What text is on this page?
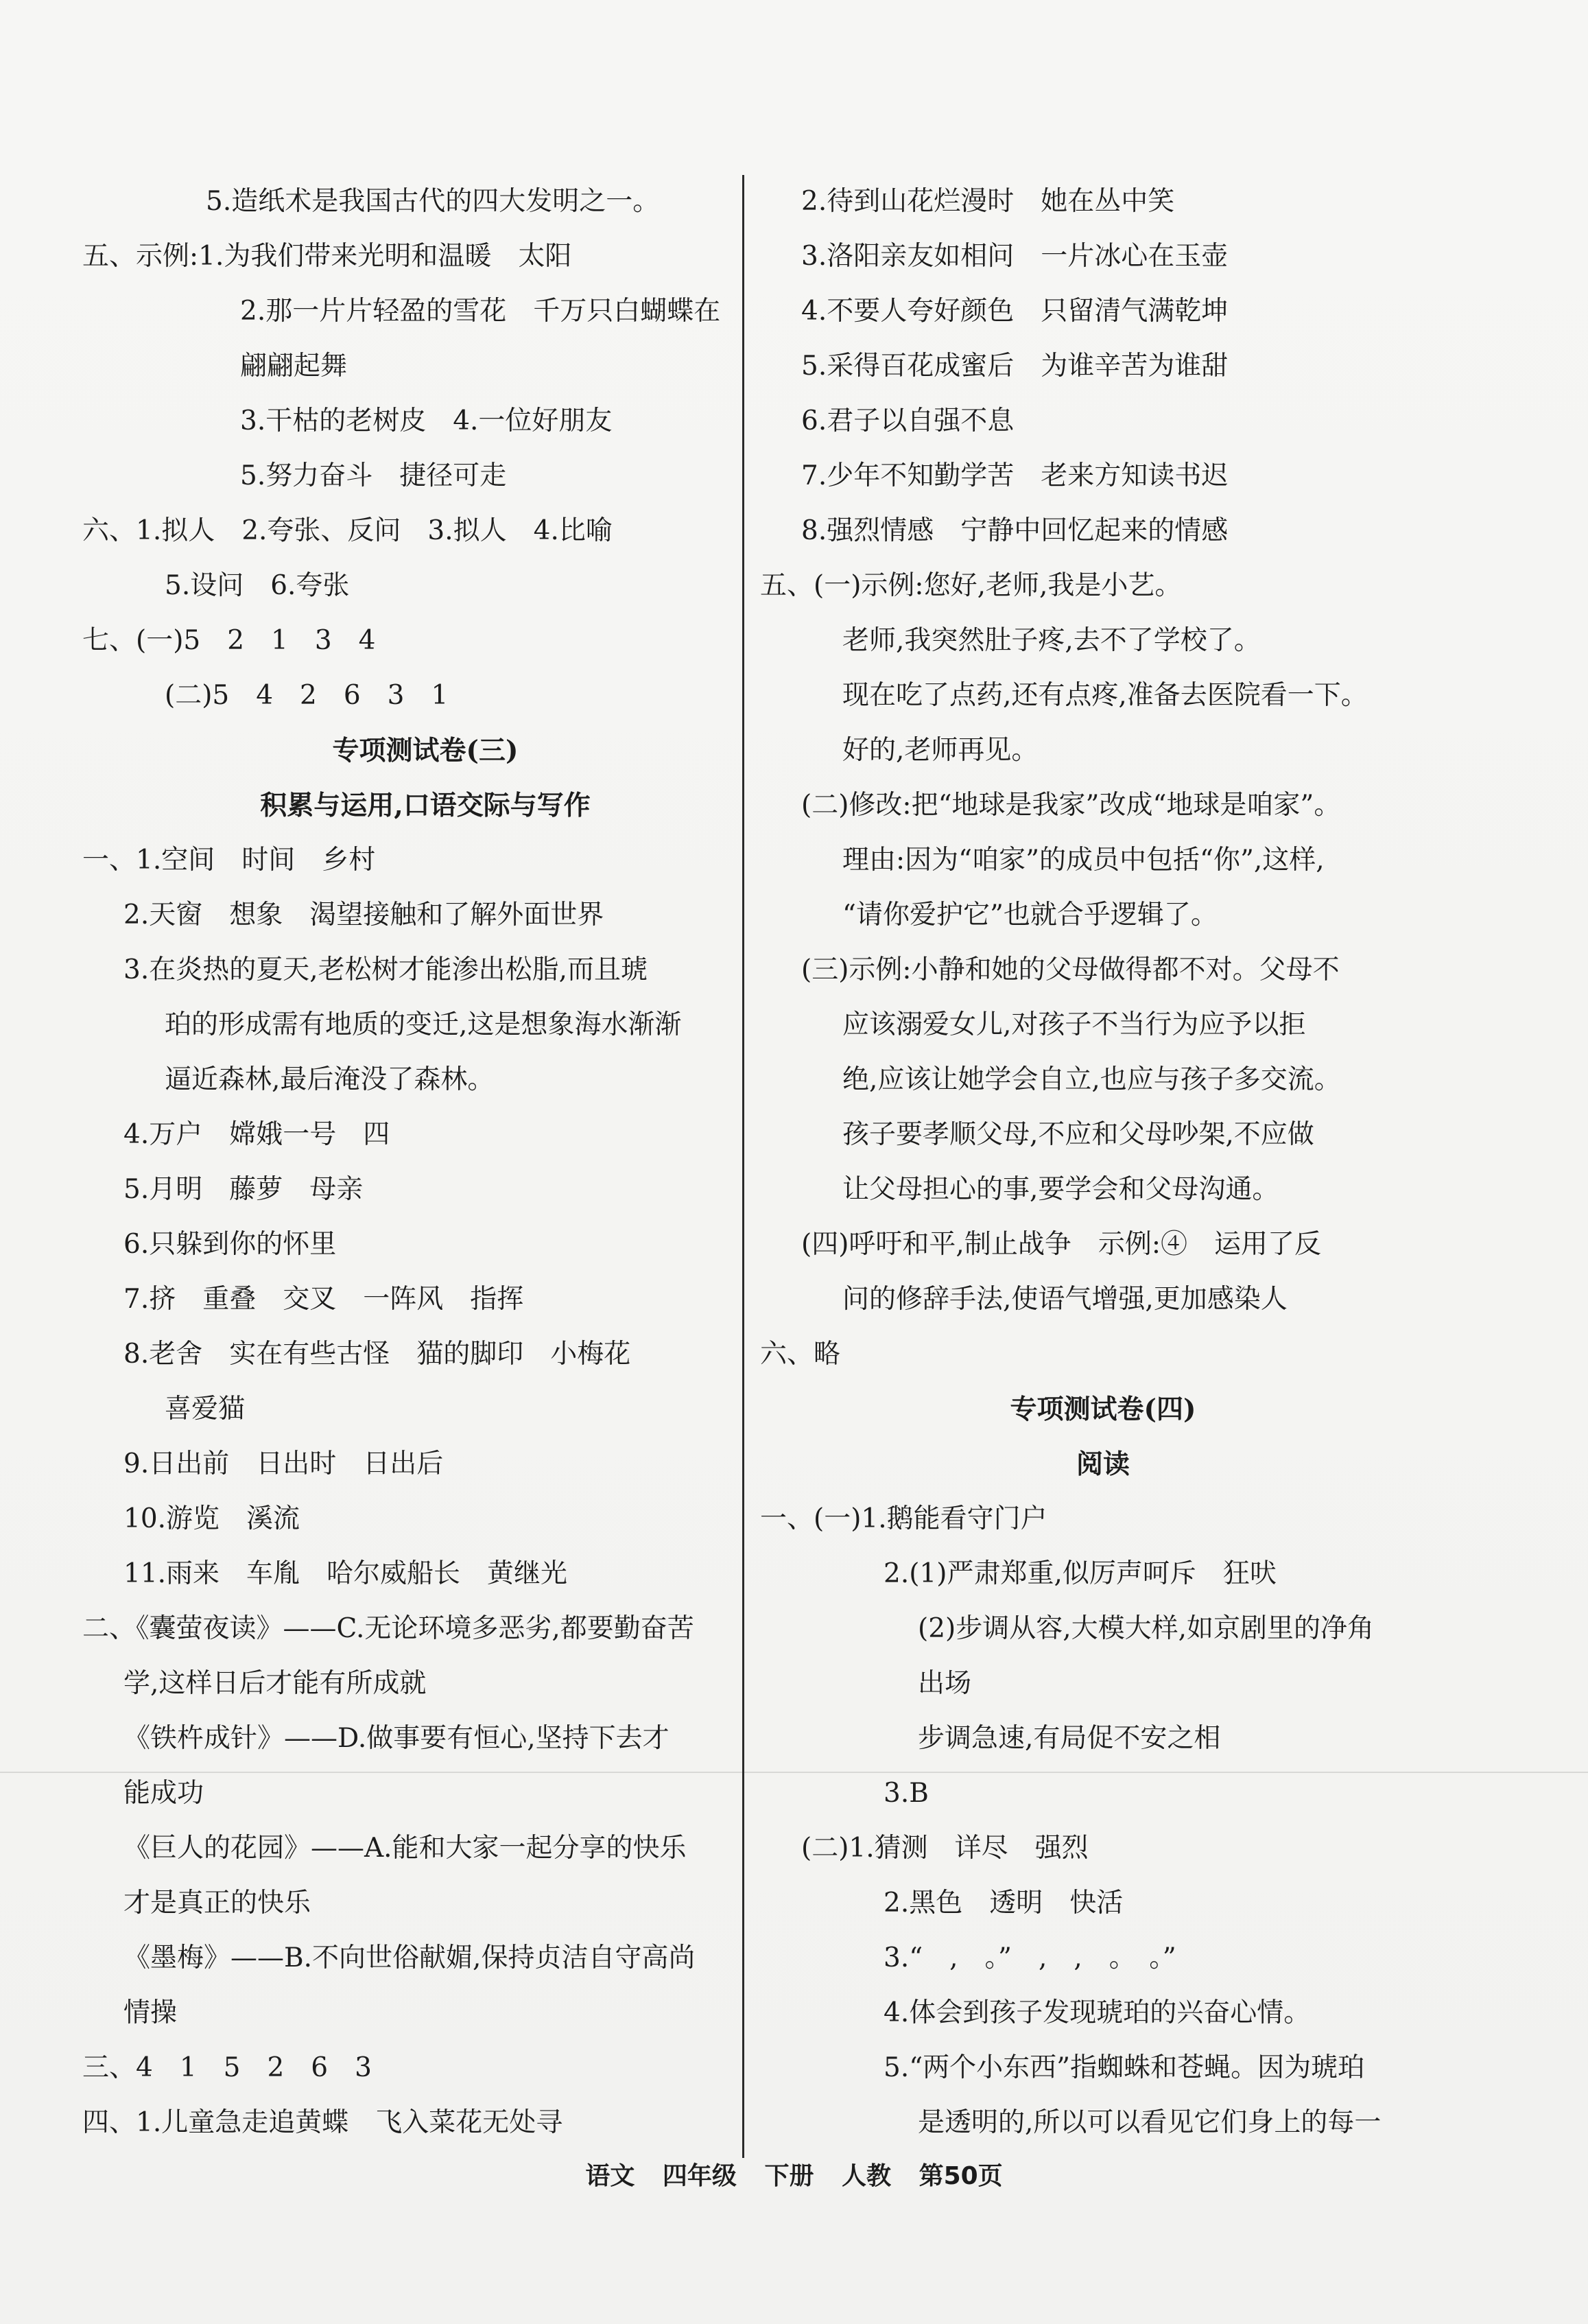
5.造纸术是我国古代的四大发明之一。
五、示例:1.为我们带来光明和温暖　太阳
2.那一片片轻盈的雪花　千万只白蝴蝶在
翩翩起舞
3.干枯的老树皮　4.一位好朋友
5.努力奋斗　捷径可走
六、1.拟人　2.夸张、反问　3.拟人　4.比喻
5.设问　6.夸张
七、(一)5　2　1　3　4
(二)5　4　2　6　3　1
专项测试卷(三)
积累与运用,口语交际与写作
一、1.空间　时间　乡村
2.天窗　想象　渴望接触和了解外面世界
3.在炎热的夏天,老松树才能渗出松脂,而且琥
珀的形成需有地质的变迁,这是想象海水渐渐
逼近森林,最后淹没了森林。
4.万户　嫦娥一号　四
5.月明　藤萝　母亲
6.只躲到你的怀里
7.挤　重叠　交叉　一阵风　指挥
8.老舍　实在有些古怪　猫的脚印　小梅花
喜爱猫
9.日出前　日出时　日出后
10.游览　溪流
11.雨来　车胤　哈尔威船长　黄继光
二、《囊萤夜读》——C.无论环境多恶劣,都要勤奋苦
学,这样日后才能有所成就
《铁杵成针》——D.做事要有恒心,坚持下去才
能成功
《巨人的花园》——A.能和大家一起分享的快乐
才是真正的快乐
《墨梅》——B.不向世俗献媚,保持贞洁自守高尚
情操
三、4　1　5　2　6　3
四、1.儿童急走追黄蝶　飞入菜花无处寻
2.待到山花烂漫时　她在丛中笑
3.洛阳亲友如相问　一片冰心在玉壶
4.不要人夸好颜色　只留清气满乾坤
5.采得百花成蜜后　为谁辛苦为谁甜
6.君子以自强不息
7.少年不知勤学苦　老来方知读书迟
8.强烈情感　宁静中回忆起来的情感
五、(一)示例:您好,老师,我是小艺。
老师,我突然肚子疼,去不了学校了。
现在吃了点药,还有点疼,准备去医院看一下。
好的,老师再见。
(二)修改:把“地球是我家”改成“地球是咱家”。
理由:因为“咱家”的成员中包括“你”,这样,
“请你爱护它”也就合乎逻辑了。
(三)示例:小静和她的父母做得都不对。父母不
应该溺爱女儿,对孩子不当行为应予以拒
绝,应该让她学会自立,也应与孩子多交流。
孩子要孝顺父母,不应和父母吵架,不应做
让父母担心的事,要学会和父母沟通。
(四)呼吁和平,制止战争　示例:④　运用了反
问的修辞手法,使语气增强,更加感染人
六、略
专项测试卷(四)
阅读
一、(一)1.鹅能看守门户
2.(1)严肃郑重,似厉声呵斥　狂吠
(2)步调从容,大模大样,如京剧里的净角
出场
步调急速,有局促不安之相
3.B
(二)1.猜测　详尽　强烈
2.黑色　透明　快活
3.“　,　。”　,　,　。　。”
4.体会到孩子发现琥珀的兴奋心情。
5.“两个小东西”指蜘蛛和苍蝇。因为琥珀
是透明的,所以可以看见它们身上的每一
语文 四年级 下册 人教 第50页
